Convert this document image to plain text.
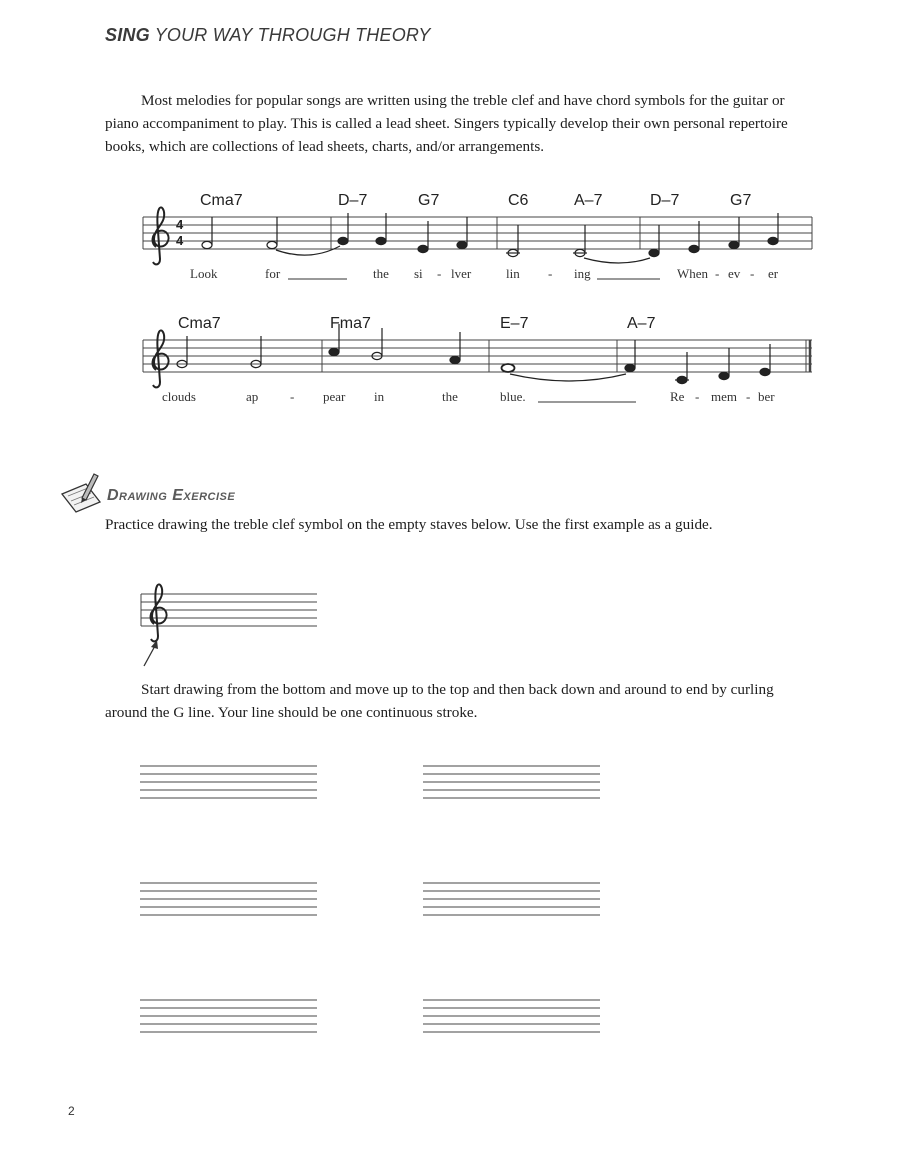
SING YOUR WAY THROUGH THEORY

Most melodies for popular songs are written using the treble clef and have chord symbols for the guitar or piano accompaniment to play. This is called a lead sheet. Singers typically develop their own personal repertoire books, which are collections of lead sheets, charts, and/or arrangements.

4
4
Cma7	D–7	G7	C6	A–7	D–7	G7
Look	for	the si - lver	lin - ing	When - ev - er
Cma7	Fma7	E–7	A–7
clouds	ap - pear in	the	blue.	Re - mem - ber
Drawing Exercise

Practice drawing the treble clef symbol on the empty staves below. Use the first example as a guide.

Start drawing from the bottom and move up to the top and then back down and around to end by curling around the G line. Your line should be one continuous stroke.

2
